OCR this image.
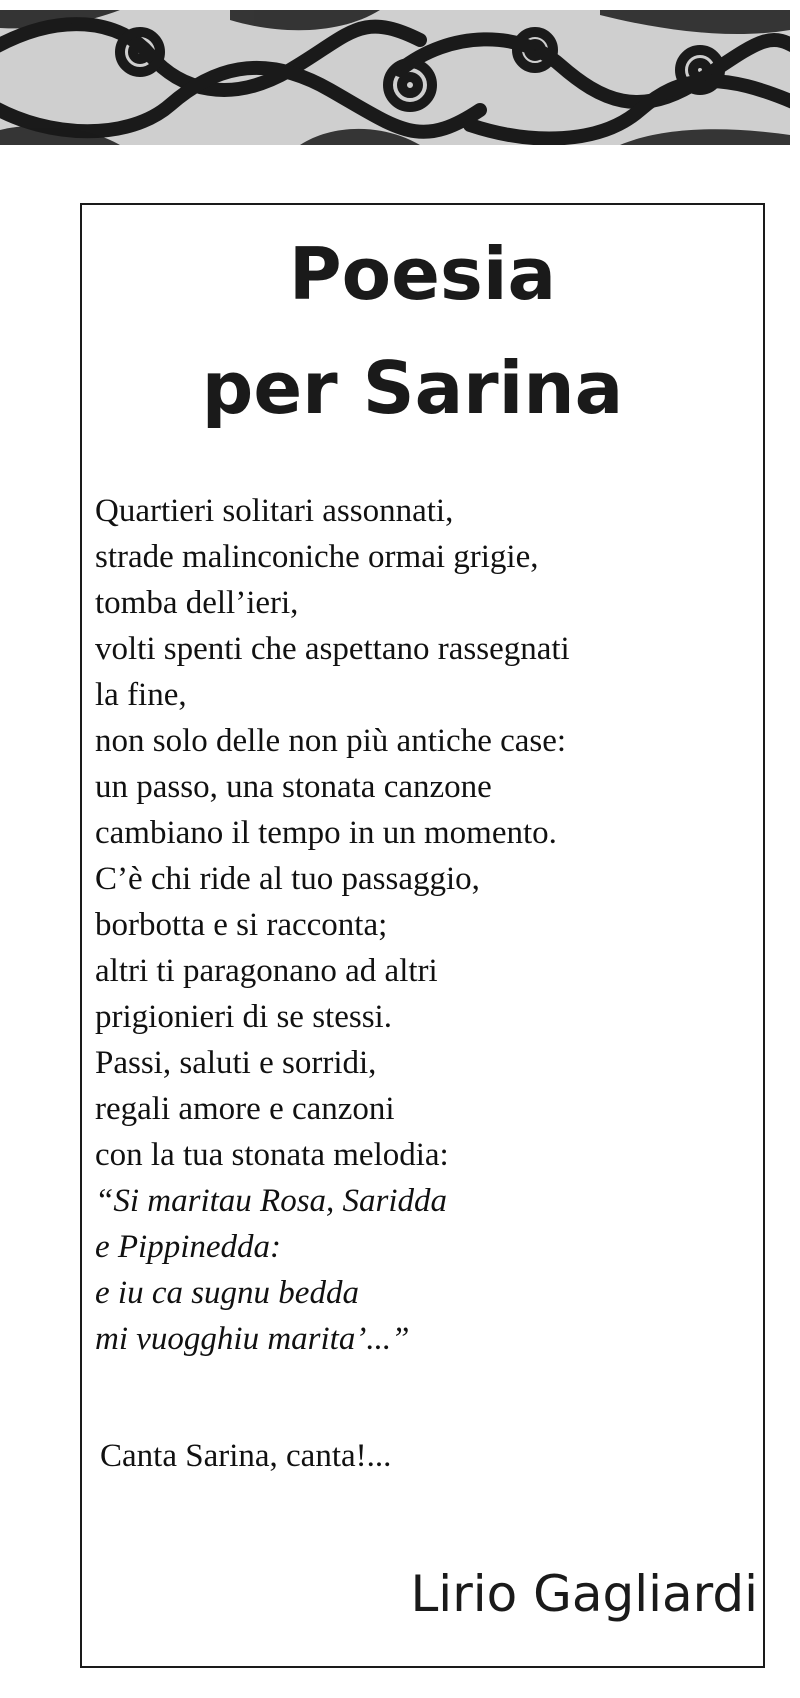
Poesia
per Sarina
Quartieri solitari assonnati,
strade malinconiche ormai grigie,
tomba dell’ieri,
volti spenti che aspettano rassegnati
la fine,
non solo delle non più antiche case:
un passo, una stonata canzone
cambiano il tempo in un momento.
C’è chi ride al tuo passaggio,
borbotta e si racconta;
altri ti paragonano ad altri
prigionieri di se stessi.
Passi, saluti e sorridi,
regali amore e canzoni
con la tua stonata melodia:
“Si maritau Rosa, Saridda
e Pippinedda:
e iu ca sugnu bedda
mi vuogghiu marita’...”
Canta Sarina, canta!...
Lirio Gagliardi
